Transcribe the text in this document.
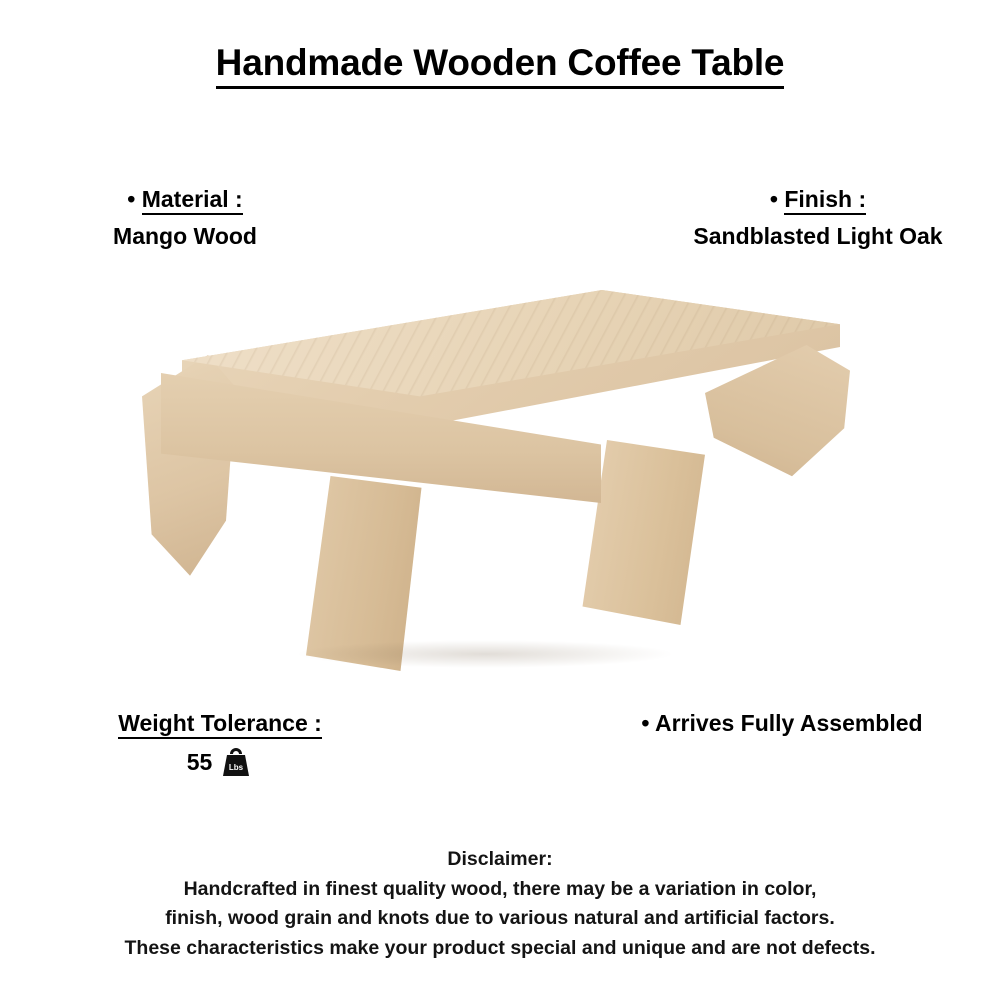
Handmade Wooden Coffee Table
• Material :
Mango Wood
• Finish :
Sandblasted Light Oak
Weight Tolerance :
55 Lbs
• Arrives Fully Assembled
Disclaimer:
Handcrafted in finest quality wood, there may be a variation in color,
finish, wood grain and knots due to various natural and artificial factors.
These characteristics make your product special and unique and are not defects.
